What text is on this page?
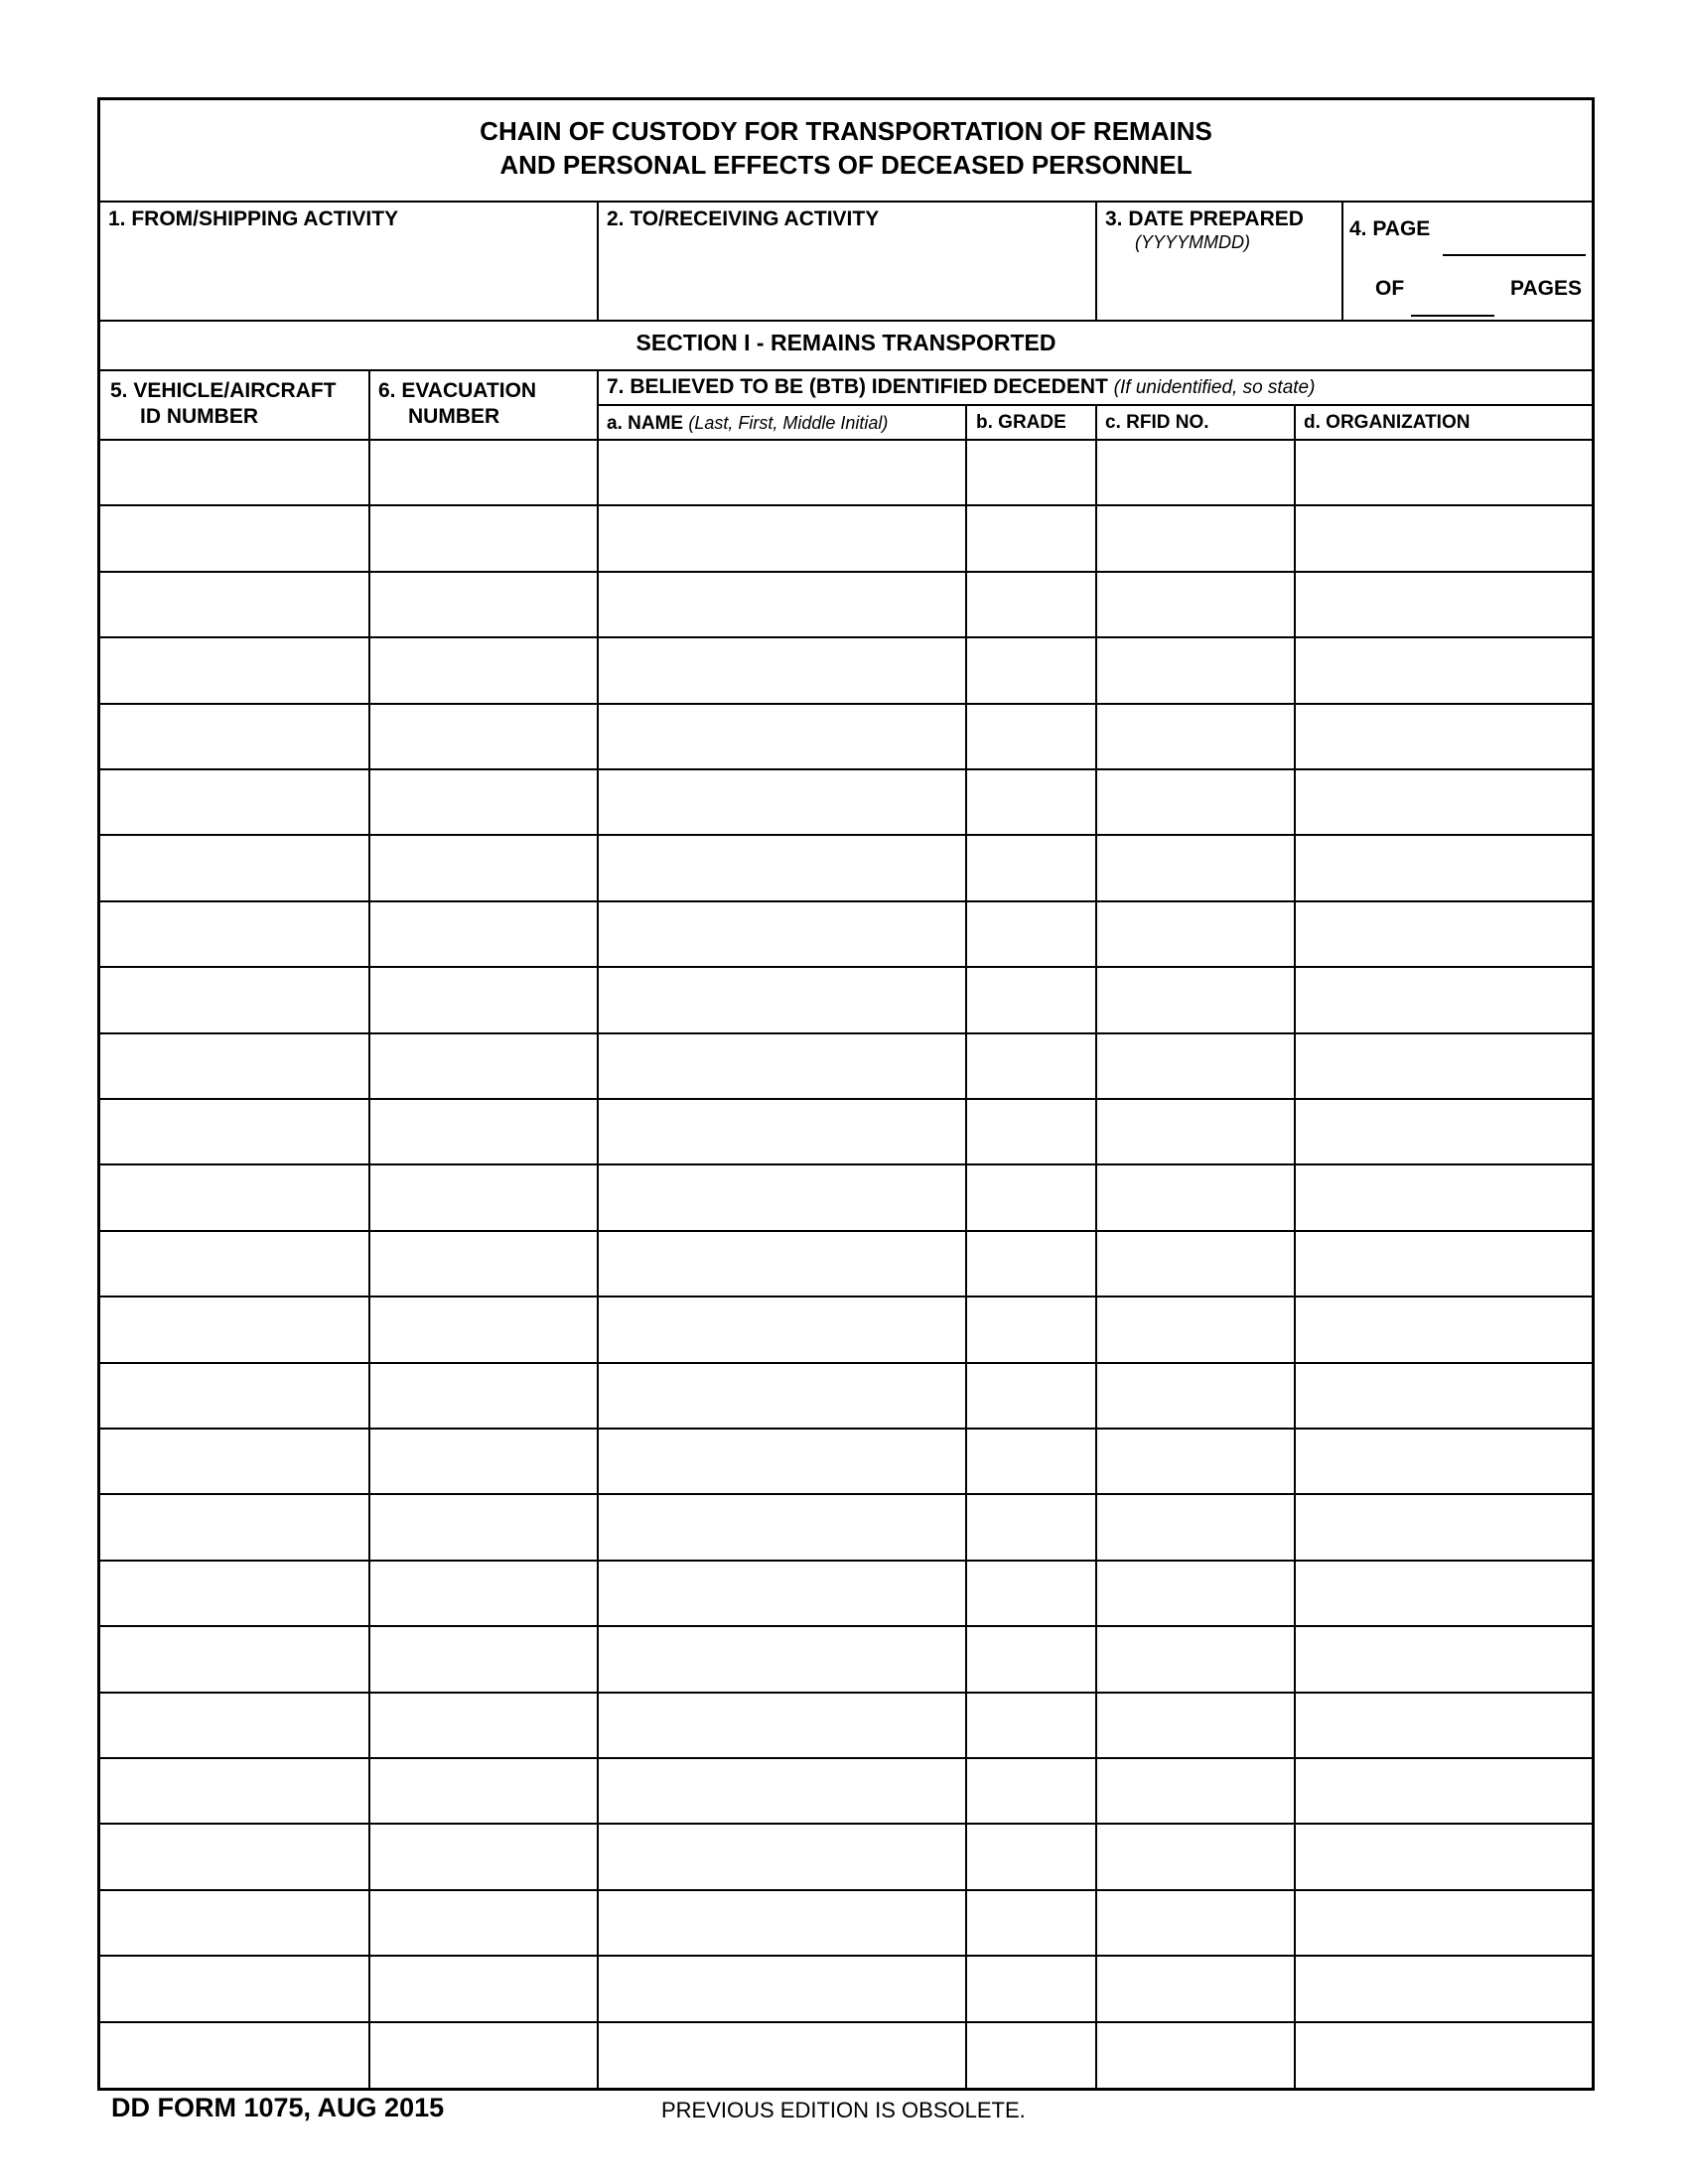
CHAIN OF CUSTODY FOR TRANSPORTATION OF REMAINS
AND PERSONAL EFFECTS OF DECEASED PERSONNEL
1. FROM/SHIPPING ACTIVITY	2. TO/RECEIVING ACTIVITY	3. DATE PREPARED
(YYYYMMDD)
4. PAGE
OF	PAGES
SECTION I - REMAINS TRANSPORTED
5. VEHICLE/AIRCRAFT
ID NUMBER
6. EVACUATION
NUMBER
7. BELIEVED TO BE (BTB) IDENTIFIED DECEDENT (If unidentified, so state)
a. NAME (Last, First, Middle Initial)	b. GRADE c. RFID NO.	d. ORGANIZATION
DD FORM 1075, AUG 2015	PREVIOUS EDITION IS OBSOLETE.
